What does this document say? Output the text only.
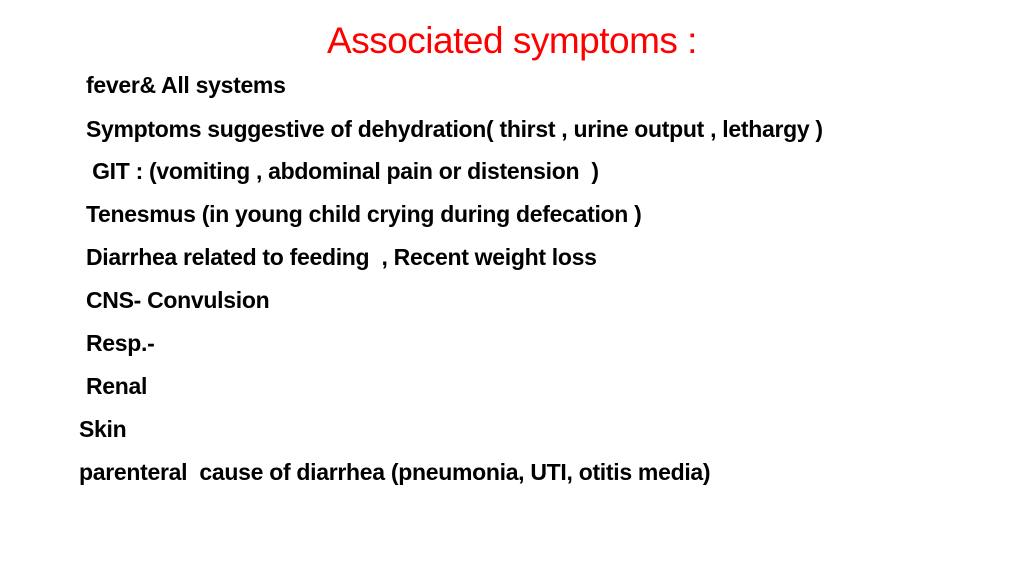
Associated symptoms :
fever& All systems
Symptoms suggestive of dehydration( thirst , urine output , lethargy )
GIT : (vomiting , abdominal pain or distension  )
Tenesmus (in young child crying during defecation )
Diarrhea related to feeding  , Recent weight loss
CNS- Convulsion
Resp.-
Renal
Skin
parenteral  cause of diarrhea (pneumonia, UTI, otitis media)
